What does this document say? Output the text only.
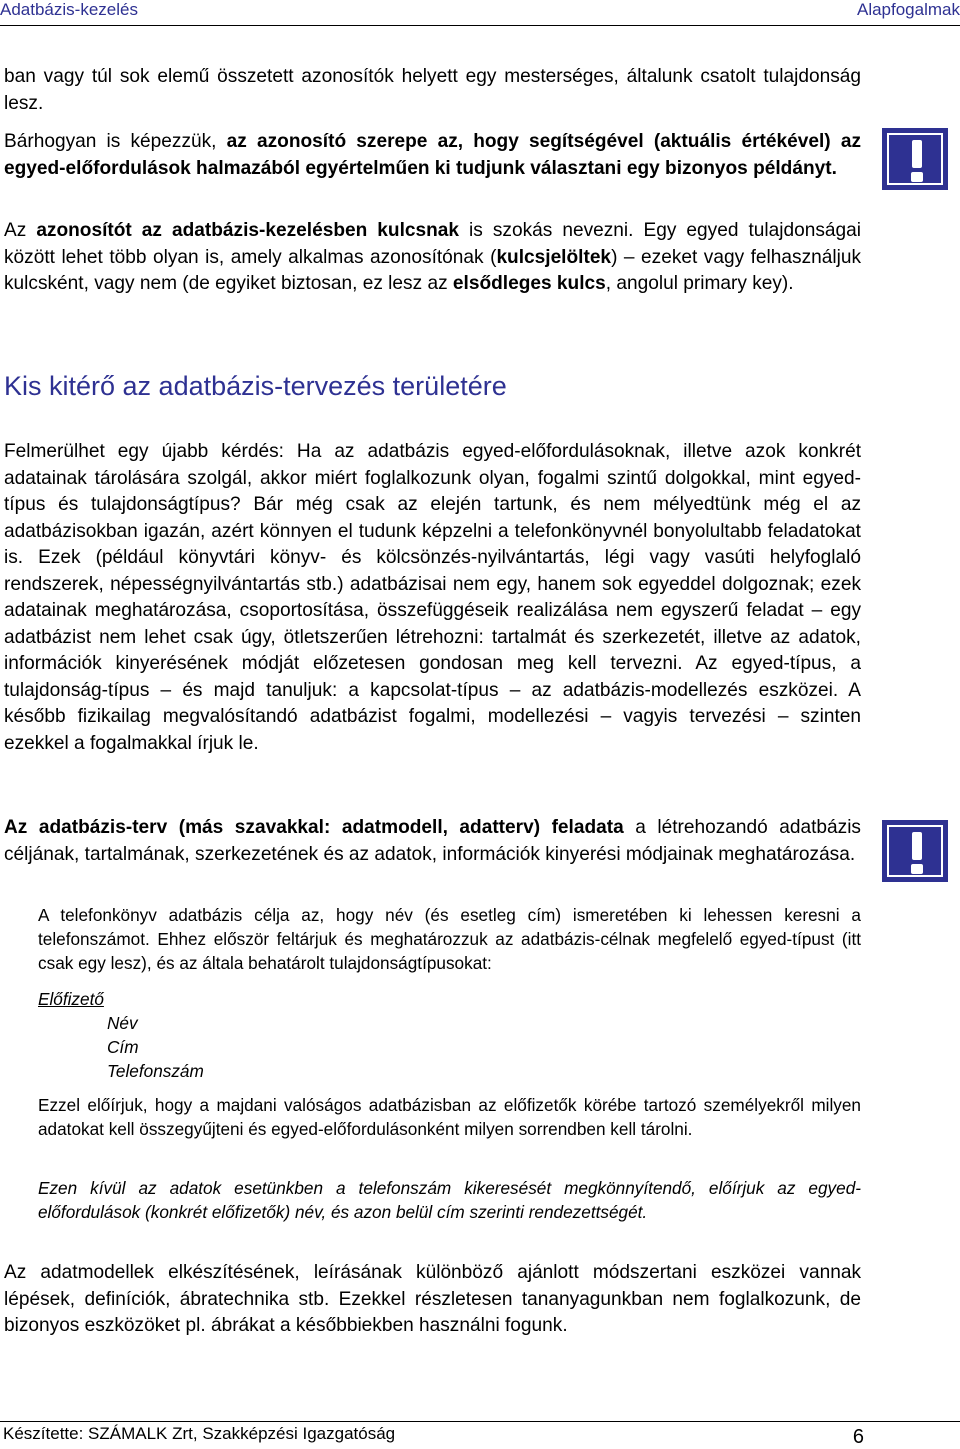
Adatbázis-kezelés	Alapfogalmak

ban vagy túl sok elemű összetett azonosítók helyett egy mesterséges, általunk csatolt tulajdonság lesz.

Bárhogyan is képezzük, az azonosító szerepe az, hogy segítségével (aktuális értékével) az egyed-előfordulások halmazából egyértelműen ki tudjunk választani egy bizonyos példányt.

Az azonosítót az adatbázis-kezelésben kulcsnak is szokás nevezni. Egy egyed tulajdonságai között lehet több olyan is, amely alkalmas azonosítónak (kulcsjelöltek) – ezeket vagy felhasználjuk kulcsként, vagy nem (de egyiket biztosan, ez lesz az elsődleges kulcs, angolul primary key).

Kis kitérő az adatbázis-tervezés területére

Felmerülhet egy újabb kérdés: Ha az adatbázis egyed-előfordulásoknak, illetve azok konkrét adatainak tárolására szolgál, akkor miért foglalkozunk olyan, fogalmi szintű dolgokkal, mint egyed-típus és tulajdonságtípus? Bár még csak az elején tartunk, és nem mélyedtünk még el az adatbázisokban igazán, azért könnyen el tudunk képzelni a telefonkönyvnél bonyolultabb feladatokat is. Ezek (például könyvtári könyv- és kölcsönzés-nyilvántartás, légi vagy vasúti helyfoglaló rendszerek, népességnyilvántartás stb.) adatbázisai nem egy, hanem sok egyeddel dolgoznak; ezek adatainak meghatározása, csoportosítása, összefüggéseik realizálása nem egyszerű feladat – egy adatbázist nem lehet csak úgy, ötletszerűen létrehozni: tartalmát és szerkezetét, illetve az adatok, információk kinyerésének módját előzetesen gondosan meg kell tervezni. Az egyed-típus, a tulajdonság-típus – és majd tanuljuk: a kapcsolat-típus – az adatbázis-modellezés eszközei. A később fizikailag megvalósítandó adatbázist fogalmi, modellezési – vagyis tervezési – szinten ezekkel a fogalmakkal írjuk le.

Az adatbázis-terv (más szavakkal: adatmodell, adatterv) feladata a létrehozandó adatbázis céljának, tartalmának, szerkezetének és az adatok, információk kinyerési módjainak meghatározása.

A telefonkönyv adatbázis célja az, hogy név (és esetleg cím) ismeretében ki lehessen keresni a telefonszámot. Ehhez először feltárjuk és meghatározzuk az adatbázis-célnak megfelelő egyed-típust (itt csak egy lesz), és az általa behatárolt tulajdonságtípusokat:

Előfizető
Név
Cím
Telefonszám

Ezzel előírjuk, hogy a majdani valóságos adatbázisban az előfizetők körébe tartozó személyekről milyen adatokat kell összegyűjteni és egyed-előfordulásonként milyen sorrendben kell tárolni.

Ezen kívül az adatok esetünkben a telefonszám kikeresését megkönnyítendő, előírjuk az egyed-előfordulások (konkrét előfizetők) név, és azon belül cím szerinti rendezettségét.

Az adatmodellek elkészítésének, leírásának különböző ajánlott módszertani eszközei vannak lépések, definíciók, ábratechnika stb. Ezekkel részletesen tananyagunkban nem foglalkozunk, de bizonyos eszközöket pl. ábrákat a későbbiekben használni fogunk.

Készítette: SZÁMALK Zrt, Szakképzési Igazgatóság	6
